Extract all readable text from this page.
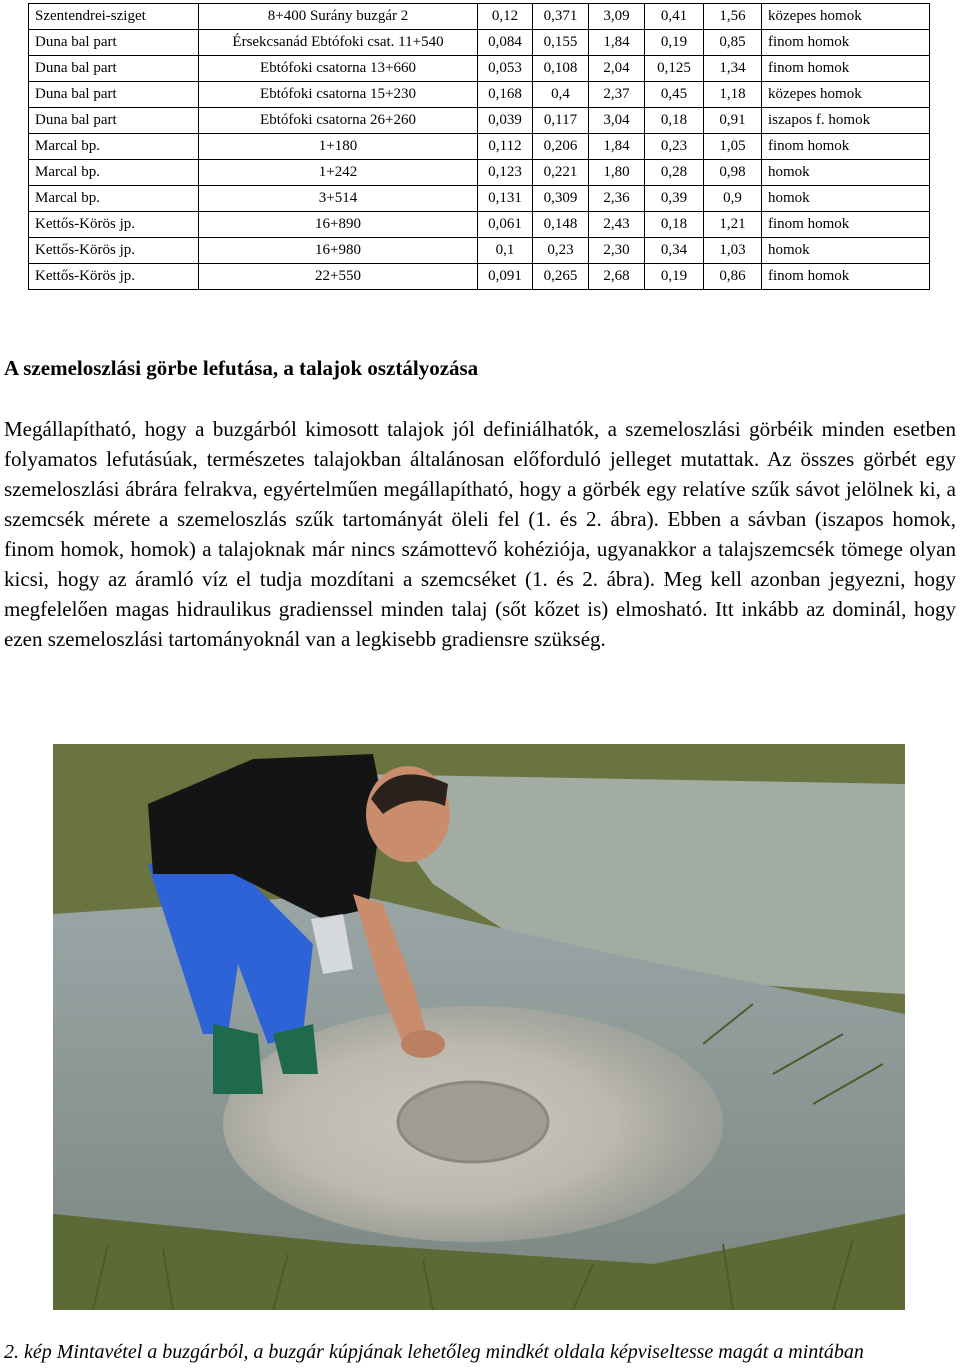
Szentendrei-sziget	8+400 Surány buzgár 2	0,12	0,371	3,09	0,41	1,56	közepes homok
Duna bal part	Érsekcsanád Ebtófoki csat. 11+540	0,084	0,155	1,84	0,19	0,85	finom homok
Duna bal part	Ebtófoki csatorna 13+660	0,053	0,108	2,04	0,125	1,34	finom homok
Duna bal part	Ebtófoki csatorna 15+230	0,168	0,4	2,37	0,45	1,18	közepes homok
Duna bal part	Ebtófoki csatorna 26+260	0,039	0,117	3,04	0,18	0,91	iszapos f. homok
Marcal bp.	1+180	0,112	0,206	1,84	0,23	1,05	finom homok
Marcal bp.	1+242	0,123	0,221	1,80	0,28	0,98	homok
Marcal bp.	3+514	0,131	0,309	2,36	0,39	0,9	homok
Kettős-Körös jp.	16+890	0,061	0,148	2,43	0,18	1,21	finom homok
Kettős-Körös jp.	16+980	0,1	0,23	2,30	0,34	1,03	homok
Kettős-Körös jp.	22+550	0,091	0,265	2,68	0,19	0,86	finom homok
A szemeloszlási görbe lefutása, a talajok osztályozása

Megállapítható, hogy a buzgárból kimosott talajok jól definiálhatók, a szemeloszlási görbéik minden esetben folyamatos lefutásúak, természetes talajokban általánosan előforduló jelleget mutattak. Az összes görbét egy szemeloszlási ábrára felrakva, egyértelműen megállapítható, hogy a görbék egy relatíve szűk sávot jelölnek ki, a szemcsék mérete a szemeloszlás szűk tartományát öleli fel (1. és 2. ábra). Ebben a sávban (iszapos homok, finom homok, homok) a talajoknak már nincs számottevő kohéziója, ugyanakkor a talajszemcsék tömege olyan kicsi, hogy az áramló víz el tudja mozdítani a szemcséket (1. és 2. ábra). Meg kell azonban jegyezni, hogy megfelelően magas hidraulikus gradienssel minden talaj (sőt kőzet is) elmosható. Itt inkább az dominál, hogy ezen szemeloszlási tartományoknál van a legkisebb gradiensre szükség.

2. kép Mintavétel a buzgárból, a buzgár kúpjának lehetőleg mindkét oldala képviseltesse magát a mintában
